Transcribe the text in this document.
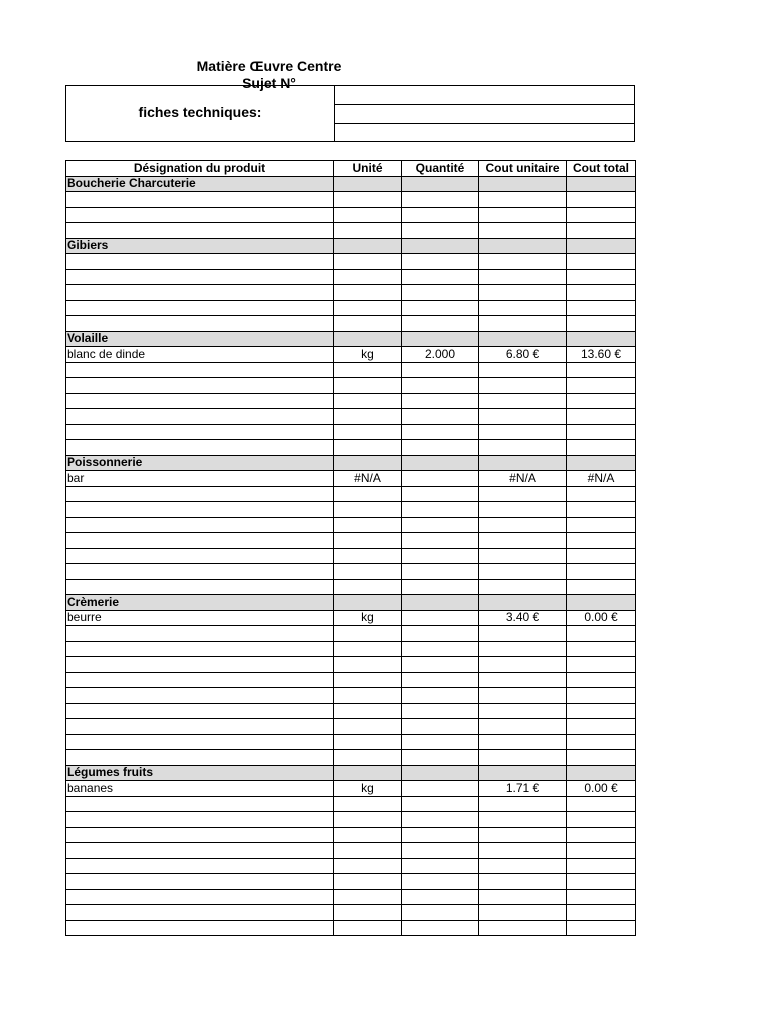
Matière Œuvre Centre
Sujet N°
fiches techniques:
Désignation du produit	Unité	Quantité	Cout unitaire	Cout total
Boucherie Charcuterie				

Gibiers				

Volaille				
blanc de dinde	kg	2.000	6.80 €	13.60 €

Poissonnerie				
bar	#N/A		#N/A	#N/A

Crèmerie				
beurre	kg		3.40 €	0.00 €

Légumes fruits				
bananes	kg		1.71 €	0.00 €
